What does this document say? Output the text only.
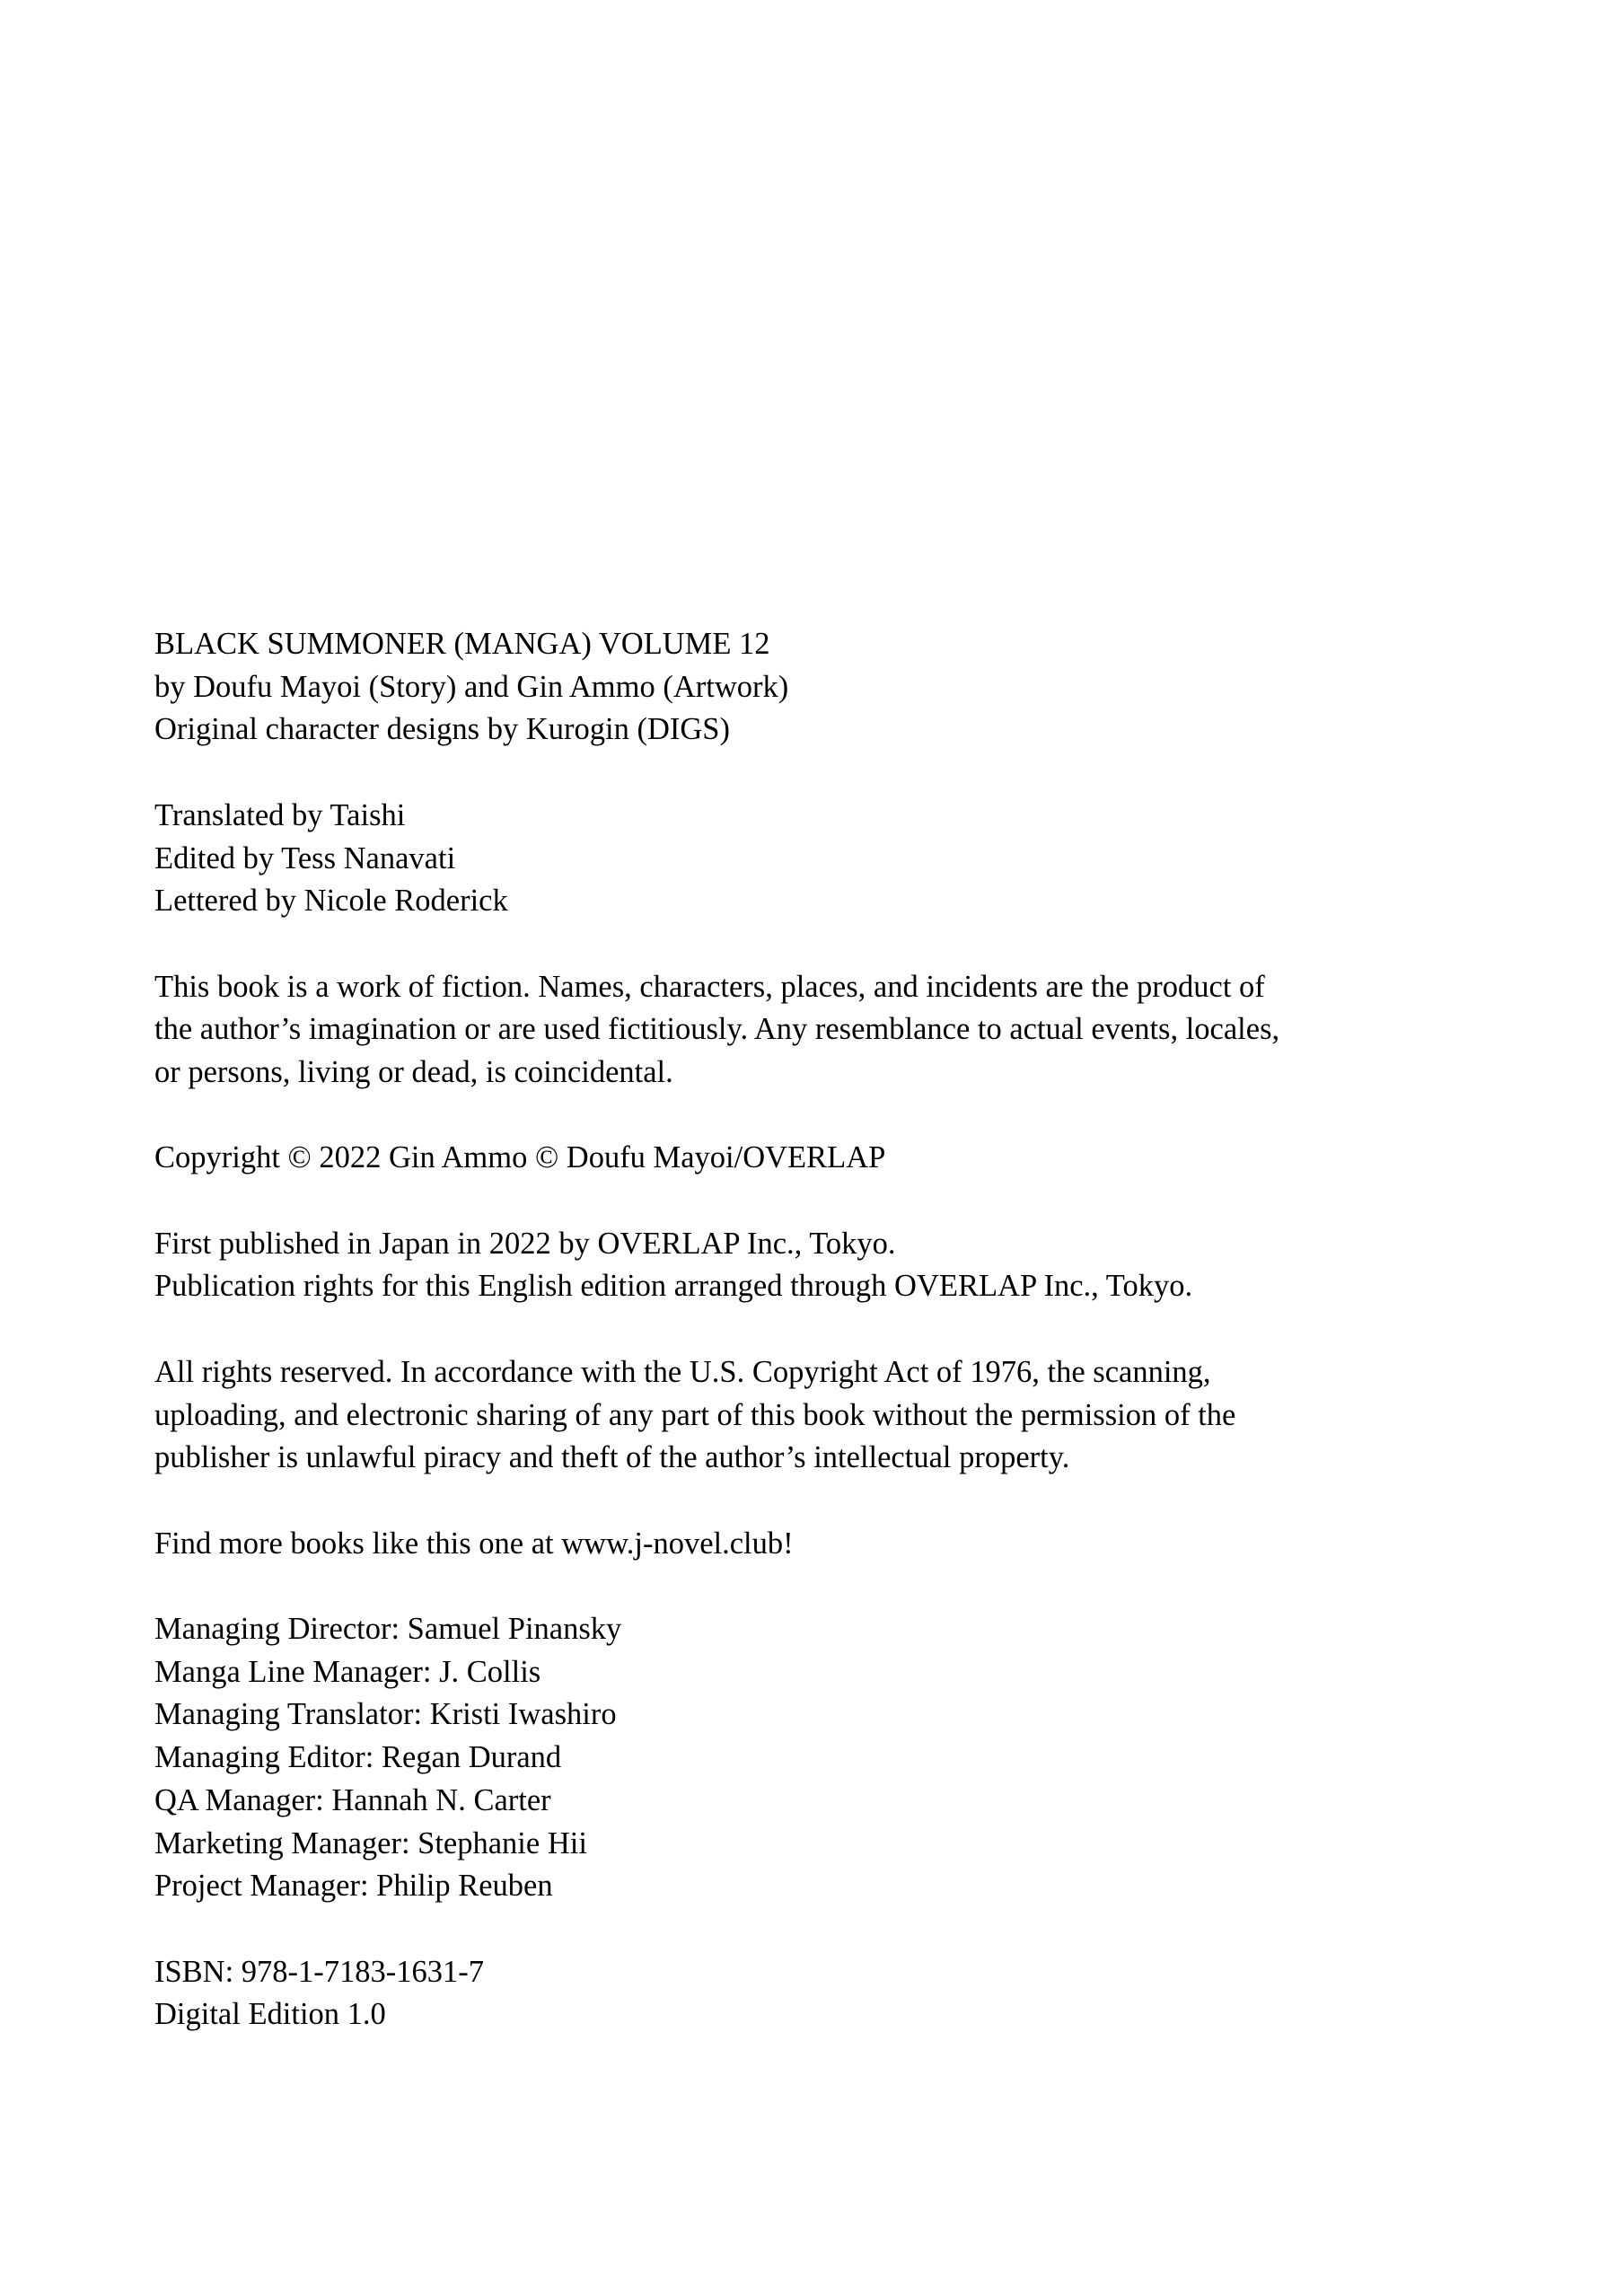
BLACK SUMMONER (MANGA) VOLUME 12
by Doufu Mayoi (Story) and Gin Ammo (Artwork)
Original character designs by Kurogin (DIGS)
Translated by Taishi
Edited by Tess Nanavati
Lettered by Nicole Roderick
This book is a work of fiction. Names, characters, places, and incidents are the product of
the author’s imagination or are used fictitiously. Any resemblance to actual events, locales,
or persons, living or dead, is coincidental.
Copyright © 2022 Gin Ammo © Doufu Mayoi/OVERLAP
First published in Japan in 2022 by OVERLAP Inc., Tokyo.
Publication rights for this English edition arranged through OVERLAP Inc., Tokyo.
All rights reserved. In accordance with the U.S. Copyright Act of 1976, the scanning,
uploading, and electronic sharing of any part of this book without the permission of the
publisher is unlawful piracy and theft of the author’s intellectual property.
Find more books like this one at www.j-novel.club!
Managing Director: Samuel Pinansky
Manga Line Manager: J. Collis
Managing Translator: Kristi Iwashiro
Managing Editor: Regan Durand
QA Manager: Hannah N. Carter
Marketing Manager: Stephanie Hii
Project Manager: Philip Reuben
ISBN: 978-1-7183-1631-7
Digital Edition 1.0
